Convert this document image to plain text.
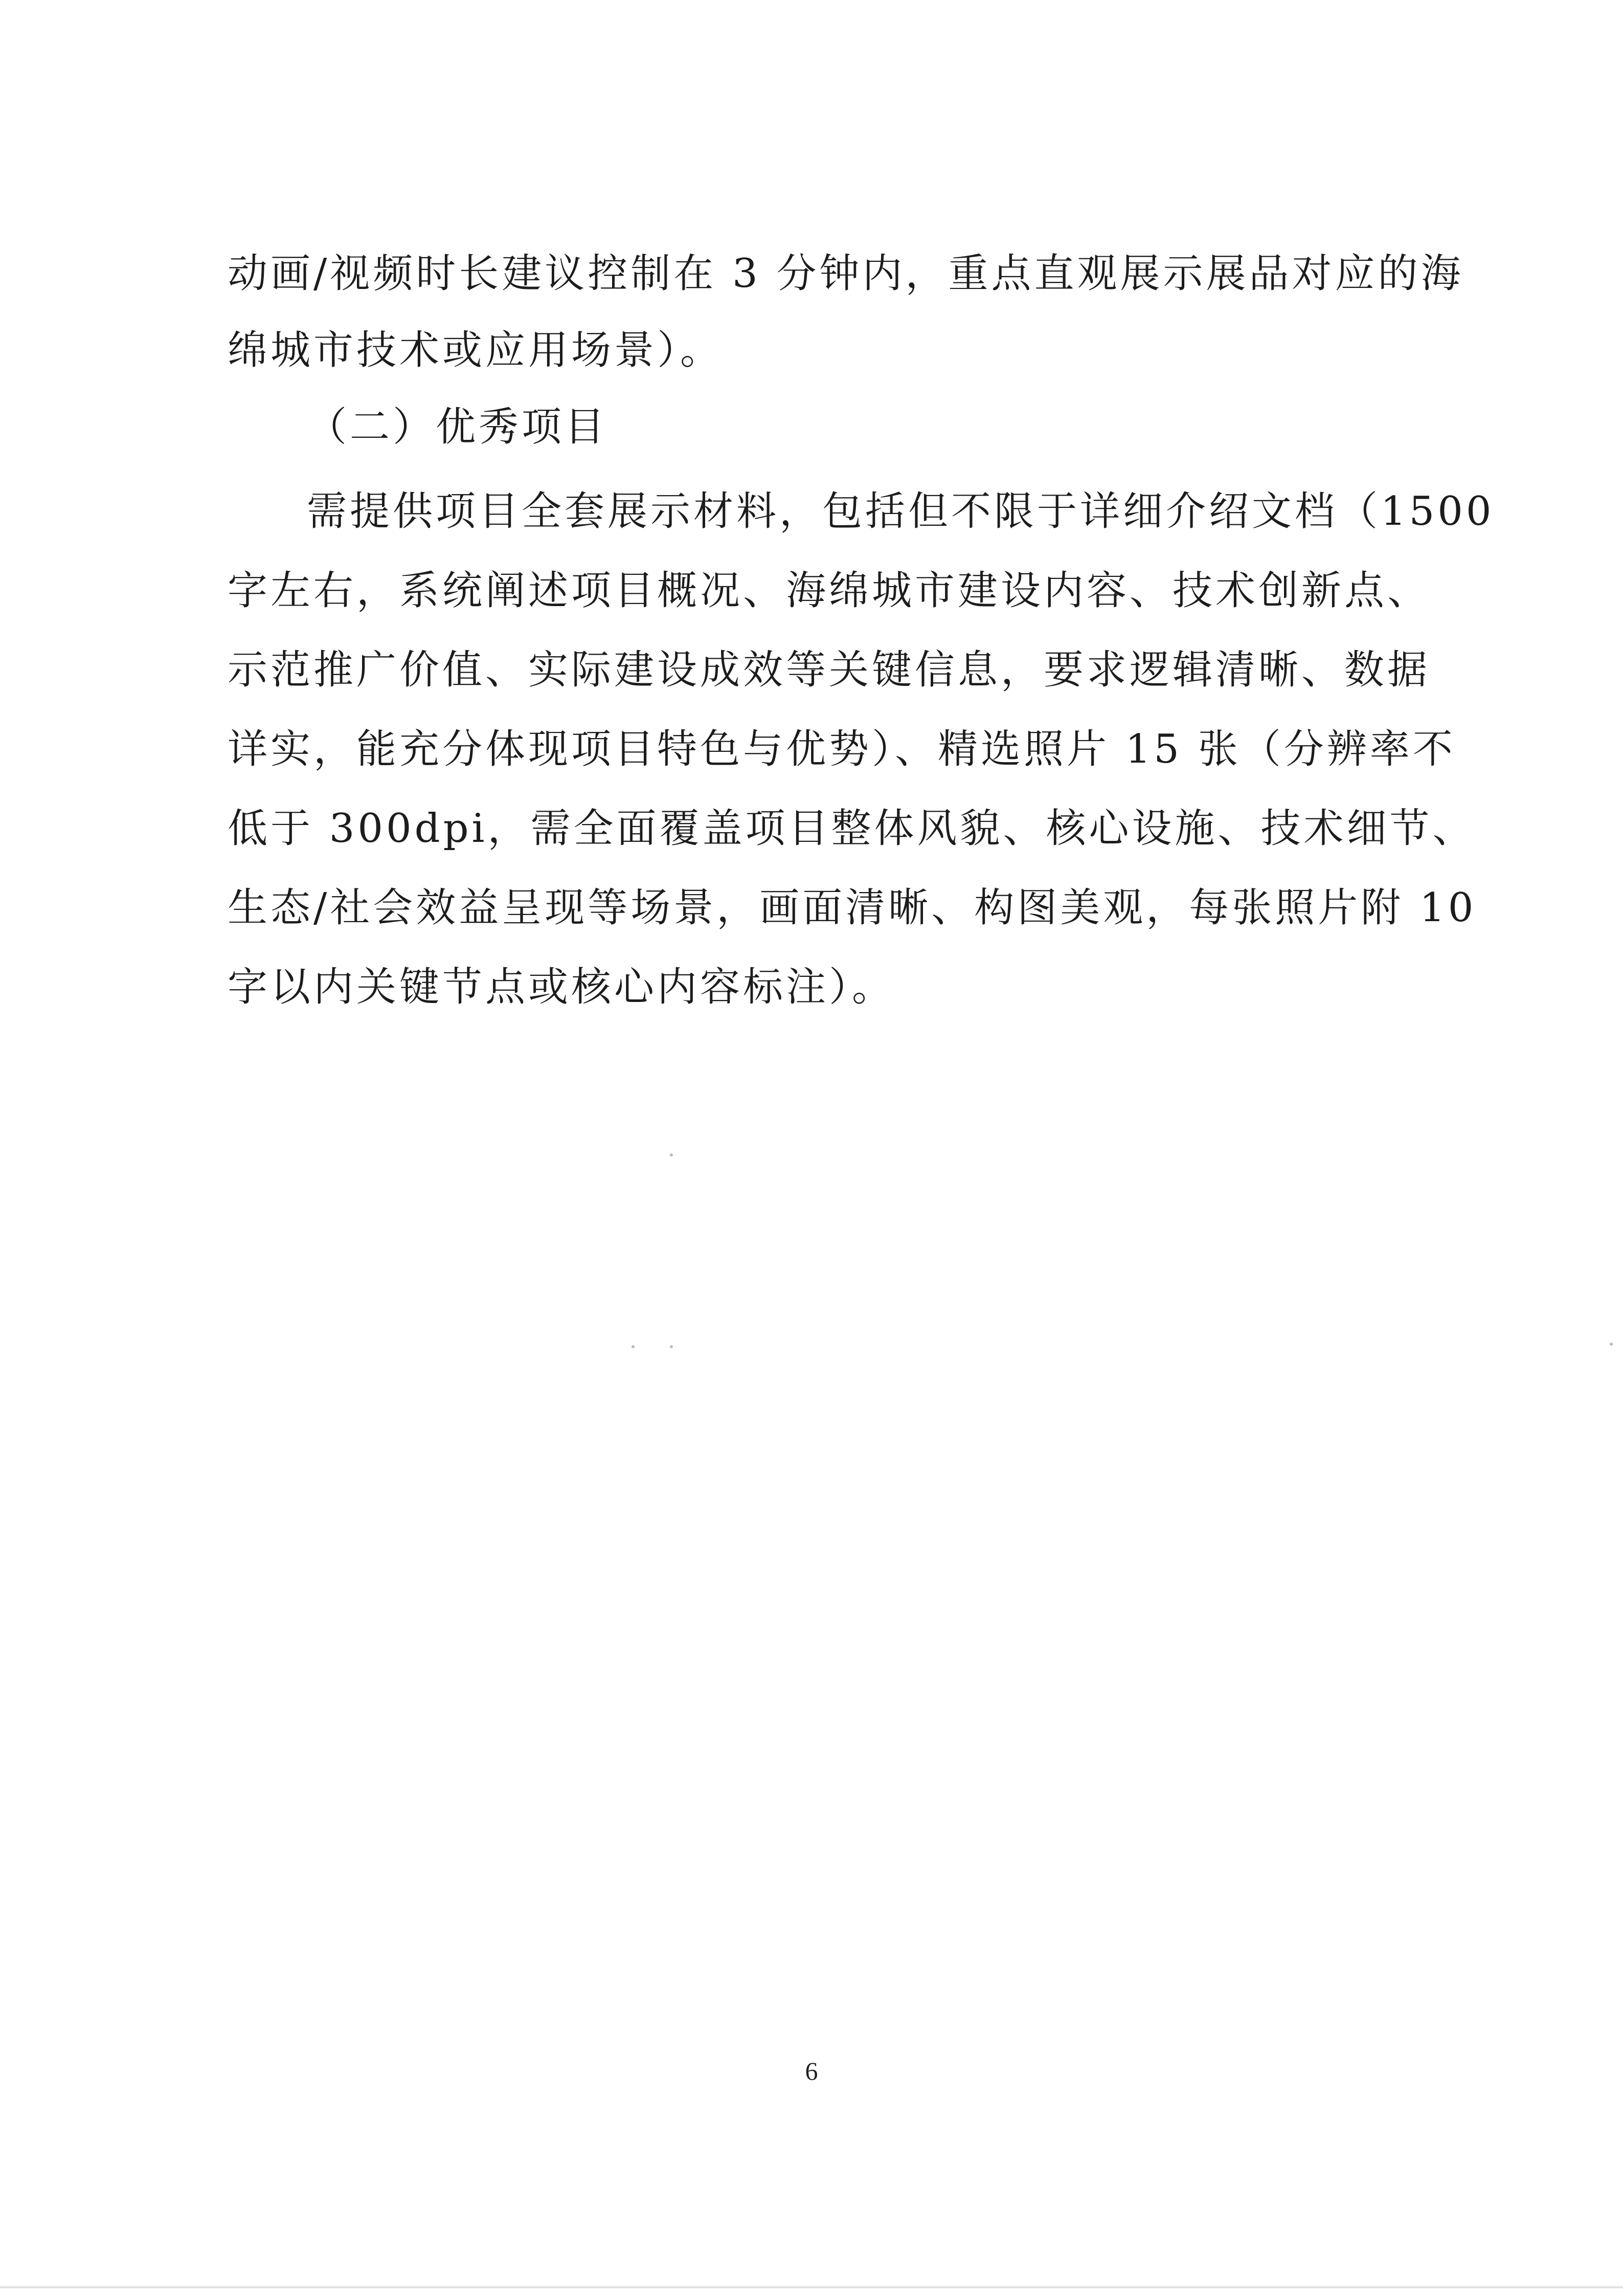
动画/视频时长建议控制在 3 分钟内，重点直观展示展品对应的海
绵城市技术或应用场景）。
（二）优秀项目
需提供项目全套展示材料，包括但不限于详细介绍文档（1500
字左右，系统阐述项目概况、海绵城市建设内容、技术创新点、
示范推广价值、实际建设成效等关键信息，要求逻辑清晰、数据
详实，能充分体现项目特色与优势）、精选照片 15 张（分辨率不
低于 300dpi，需全面覆盖项目整体风貌、核心设施、技术细节、
生态/社会效益呈现等场景，画面清晰、构图美观，每张照片附 10
字以内关键节点或核心内容标注）。
6
